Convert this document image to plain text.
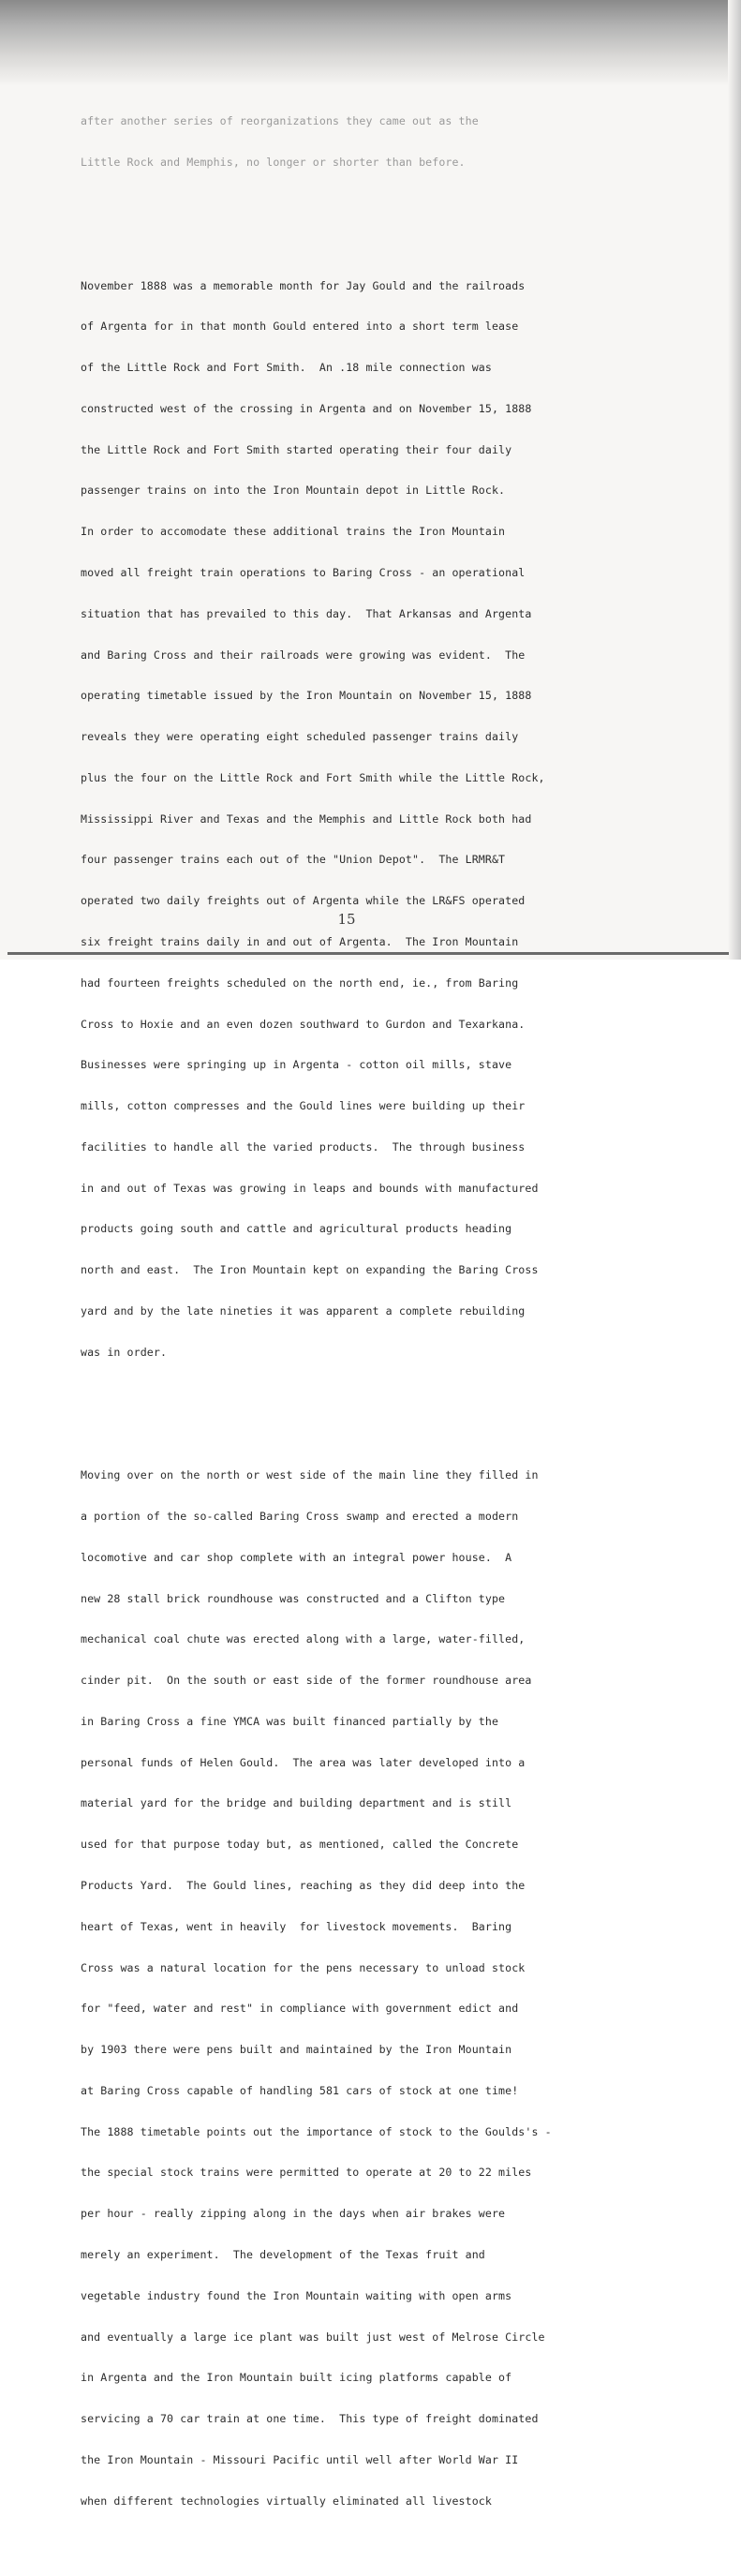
after another series of reorganizations they came out as the

Little Rock and Memphis, no longer or shorter than before.

November 1888 was a memorable month for Jay Gould and the railroads

of Argenta for in that month Gould entered into a short term lease

of the Little Rock and Fort Smith.  An .18 mile connection was

constructed west of the crossing in Argenta and on November 15, 1888

the Little Rock and Fort Smith started operating their four daily

passenger trains on into the Iron Mountain depot in Little Rock.

In order to accomodate these additional trains the Iron Mountain

moved all freight train operations to Baring Cross - an operational

situation that has prevailed to this day.  That Arkansas and Argenta

and Baring Cross and their railroads were growing was evident.  The

operating timetable issued by the Iron Mountain on November 15, 1888

reveals they were operating eight scheduled passenger trains daily

plus the four on the Little Rock and Fort Smith while the Little Rock,

Mississippi River and Texas and the Memphis and Little Rock both had

four passenger trains each out of the "Union Depot".  The LRMR&T

operated two daily freights out of Argenta while the LR&FS operated

six freight trains daily in and out of Argenta.  The Iron Mountain

had fourteen freights scheduled on the north end, ie., from Baring

Cross to Hoxie and an even dozen southward to Gurdon and Texarkana.

Businesses were springing up in Argenta - cotton oil mills, stave

mills, cotton compresses and the Gould lines were building up their

facilities to handle all the varied products.  The through business

in and out of Texas was growing in leaps and bounds with manufactured

products going south and cattle and agricultural products heading

north and east.  The Iron Mountain kept on expanding the Baring Cross

yard and by the late nineties it was apparent a complete rebuilding

was in order.

Moving over on the north or west side of the main line they filled in

a portion of the so-called Baring Cross swamp and erected a modern

locomotive and car shop complete with an integral power house.  A

new 28 stall brick roundhouse was constructed and a Clifton type

mechanical coal chute was erected along with a large, water-filled,

cinder pit.  On the south or east side of the former roundhouse area

in Baring Cross a fine YMCA was built financed partially by the

personal funds of Helen Gould.  The area was later developed into a

material yard for the bridge and building department and is still

used for that purpose today but, as mentioned, called the Concrete

Products Yard.  The Gould lines, reaching as they did deep into the

heart of Texas, went in heavily  for livestock movements.  Baring

Cross was a natural location for the pens necessary to unload stock

for "feed, water and rest" in compliance with government edict and

by 1903 there were pens built and maintained by the Iron Mountain

at Baring Cross capable of handling 581 cars of stock at one time!

The 1888 timetable points out the importance of stock to the Goulds's -

the special stock trains were permitted to operate at 20 to 22 miles

per hour - really zipping along in the days when air brakes were

merely an experiment.  The development of the Texas fruit and

vegetable industry found the Iron Mountain waiting with open arms

and eventually a large ice plant was built just west of Melrose Circle

in Argenta and the Iron Mountain built icing platforms capable of

servicing a 70 car train at one time.  This type of freight dominated

the Iron Mountain - Missouri Pacific until well after World War II

when different technologies virtually eliminated all livestock

15
